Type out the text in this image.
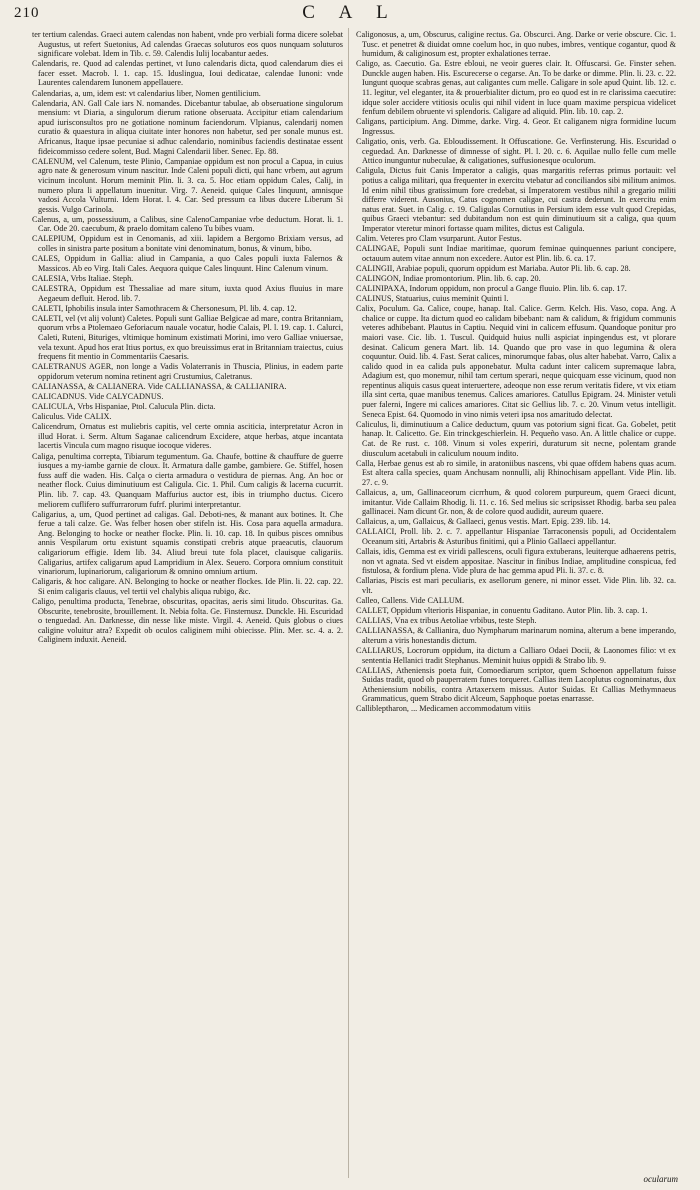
210	C A L
ter tertium calendas. Graeci autem calendas non habent, vnde pro verbiali forma dicere solebat Augustus, ut refert Suetonius, Ad calendas Graecas soluturos eos quos nunquam soluturos significare volebat. Idem in Tib. c. 59. Calendis Iulij locabantur aedes.
Calendaris, re. Quod ad calendas pertinet, vt Iuno calendaris dicta, quod calendarum dies ei facer esset. Macrob. l. 1. cap. 15. Iduslingua, Ioui dedicatae, calendae Iunoni: vnde Laurentes calendarem Iunonem appellauere.
Calendarias, a, um, idem est: vt calendarius liber, Nomen gentilicium.
Calendaria, AN. Gall Cale iars N. nomandes. Dicebantur tabulae, ab obseruatione singulorum mensium: vt Diaria, a singulorum dierum ratione obseruata. Accipitur etiam calendarium apud iurisconsultos pro ne gotiatione nominum faciendorum. Vlpianus, calendarij nomen curatio & quaestura in aliqua ciuitate inter honores non habetur, sed per sonale munus est. Africanus, Itaque ipsae pecuniae si adhuc calendario, nominibus faciendis destinatae essent fideicommisso cedere solent, Bud. Magni Calendarii liber. Senec. Ep. 88.
CALENUM, vel Calenum, teste Plinio, Campaniae oppidum est non procul a Capua, in cuius agro nate & generosum vinum nascitur. Inde Caleni populi dicti, qui hanc vrbem, aut agrum vicinum incolunt. Horum meminit Plin. li. 3. ca. 5. Hoc etiam oppidum Cales, Calij, in numero plura li appellatum inuenitur. Virg. 7. Aeneid. quique Cales linquunt, amnisque vadosi Accola Vulturni. Idem Horat. l. 4. Car. Sed pressum ca libus ducere Liberum Si gessis. Vulgo Carinola.
Calenus, a, um, possessiuum, a Calibus, sine CalenoCampaniae vrbe deductum. Horat. li. 1. Car. Ode 20. caecubum, & praelo domitam caleno Tu bibes vuam.
CALEPIUM, Oppidum est in Cenomanis, ad xiii. lapidem a Bergomo Brixiam versus, ad colles in sinistra parte positum a bonitate vini denominatum, bonus, & vinum, bibo.
CALES, Oppidum in Gallia: aliud in Campania, a quo Cales populi iuxta Falernos & Massicos. Ab eo Virg. Itali Cales. Aequora quique Cales linquunt. Hinc Calenum vinum.
CALESIA, Vrbs Italiae. Steph.
CALESTRA, Oppidum est Thessaliae ad mare situm, iuxta quod Axius fluuius in mare Aegaeum defluit. Herod. lib. 7.
CALETI, Iphobilis insula inter Samothracem & Chersonesum, Pl. lib. 4. cap. 12.
CALETI, vel (vt alij volunt) Caletes. Populi sunt Galliae Belgicae ad mare, contra Britanniam, quorum vrbs a Ptolemaeo Geforiacum nauale vocatur, hodie Calais, Pl. l. 19. cap. 1. Calurci, Caleti, Ruteni, Bituriges, vltimique hominum existimati Morini, imo vero Galliae vniuersae, vela texunt. Apud hos erat Itius portus, ex quo breuissimus erat in Britanniam traiectus, cuius frequens fit mentio in Commentariis Caesaris.
CALETRANUS AGER, non longe a Vadis Volaterranis in Thuscia, Plinius, in eadem parte oppidorum veterum nomina retinent agri Crustumius, Caletranus.
CALIANASSA, & CALIANERA. Vide CALLIANASSA, & CALLIANIRA.
CALICADNUS. Vide CALYCADNUS.
CALICULA, Vrbs Hispaniae, Ptol. Calucula Plin. dicta.
Caliculus. Vide CALIX.
Calicendrum, Ornatus est muliebris capitis, vel certe omnia asciticia, interpretatur Acron in illud Horat. i. Serm. Altum Saganae calicendrum Excidere, atque herbas, atque incantata lacertis Vincula cum magno risuque iocoque videres.
Caliga, penultima correpta, Tibiarum tegumentum. Ga. Chaufe, bottine & chauffure de guerre iusques a my-iambe garnie de cloux. It. Armatura dalle gambe, gambiere. Ge. Stiffel, hosen fuss auff die waden. His. Calça o cierta armadura o vestidura de piernas. Ang. An hoc or neather flock. Cuius diminutiuum est Caligula. Cic. 1. Phil. Cum caligis & lacerna cucurrit. Plin. lib. 7. cap. 43. Quanquam Maffurius auctor est, ibis in triumpho ductus. Cicero meliorem cuflifero suffurrarorum fufrf. plurimi interpretantur.
Caligarius, a, um, Quod pertinet ad caligas. Gal. Deboti-nes, & manant aux botines. It. Che ferue a tali calze. Ge. Was felber hosen ober stifeln ist. His. Cosa para aquella armadura. Ang. Belonging to hocke or neather flocke. Plin. li. 10. cap. 18. In quibus pisces omnibus annis Vespilarum ortu existunt squamis constipati crebris atque praeacutis, clauorum caligariorum effigie. Idem lib. 34. Aliud breui tute fola placet, clauisque caligariis. Caligarius, artifex caligarum apud Lampridium in Alex. Seuero. Corpora omnium constituit vinariorum, lupinariorum, caligariorum & omnino omnium artium.
Caligaris, & hoc caligare. AN. Belonging to hocke or neather flockes. Ide Plin. li. 22. cap. 22. Si enim caligaris clauus, vel tertii vel chalybis aliqua rubigo, &c.
Caligo, penultima producta, Tenebrae, obscuritas, opacitas, aeris simi litudo. Obscuritas. Ga. Obscurite, tenebrosite, brouillement. It. Nebia folta. Ge. Finsternusz. Dunckle. Hi. Escuridad o tenguedad. An. Darknesse, din nesse like miste. Virgil. 4. Aeneid. Quis globus o ciues caligine voluitur atra? Expedit ob oculos caliginem mihi obiecisse. Plin. Mer. sc. 4. a. 2. Caliginem induxit. Aeneid.
Caligonosus, a, um, Obscurus, caligine rectus. Ga. Obscurci. Ang. Darke or verie obscure. Cic. 1. Tusc. et penetret & diuidat omne coelum hoc, in quo nubes, imbres, ventique cogantur, quod & humidum, & caliginosum est, propter exhalationes terrae.
Caligo, as. Caecutio. Ga. Estre ebloui, ne veoir gueres clair. It. Offuscarsi. Ge. Finster sehen. Dunckle augen haben. His. Escurecerse o cegarse. An. To be darke or dimme. Plin. li. 23. c. 22. Iungunt quoque scabras genas, aut caligantes cum melle. Caligare in sole apud Quint. lib. 12. c. 11. legitur, vel eleganter, ita & prouerbialiter dictum, pro eo quod est in re clarissima caecutire: idque soler accidere vtitiosis oculis qui nihil vident in luce quam maxime perspicua videlicet fenfum debilem obruente vi splendoris. Caligare ad aliquid. Plin. lib. 10. cap. 2.
Caligans, participium. Ang. Dimme, darke. Virg. 4. Geor. Et caliganem nigra formidine lucum Ingressus.
Caligatio, onis, verb. Ga. Ebloudissement. It Offuscatione. Ge. Verfinsterung. His. Escuridad o ceguedad. An. Darknesse of dimnesse of sight. Pl. l. 20. c. 6. Aquilae nullo felle cum melle Attico inunguntur nubeculae, & caligationes, suffusionesque oculorum.
Caligula, Dictus fuit Canis Imperator a caligis, quas margaritis referras primus portauit: vel potius a caliga militari, qua frequenter in exercitu vtebatur ad conciliandos sibi militum animos. Id enim nihil tibus gratissimum fore credebat, si Imperatorem vestibus nihil a gregario militi differre viderent. Ausonius, Catus cognomen caligae, cui castra dederunt. In exercitu enim natus erat. Suet. in Calig. c. 19. Caligulas Cornutius in Persium idem esse vult quod Crepidas, quibus Graeci vtebantur: sed dubitandum non est quin diminutiuum sit a caliga, qua quum Imperator vteretur minori fortasse quam milites, dictus est Caligula.
Calim. Veteres pro Clam vsurparunt. Autor Festus.
CALINGAE, Populi sunt Indiae maritimae, quorum feminae quinquennes pariunt concipere, octauum autem vitae annum non excedere. Autor est Plin. lib. 6. ca. 17.
CALINGII, Arabiae populi, quorum oppidum est Mariaba. Autor Pli. lib. 6. cap. 28.
CALINGON, Indiae promontorium. Plin. lib. 6. cap. 20.
CALINIPAXA, Indorum oppidum, non procul a Gange fluuio. Plin. lib. 6. cap. 17.
CALINUS, Statuarius, cuius meminit Quinti l.
Calix, Poculum. Ga. Calice, coupe, hanap. Ital. Calice. Germ. Kelch. His. Vaso, copa. Ang. A chalice or cuppe. Ita dictum quod eo calidam bibebant: nam & calidum, & frigidum communis veteres adhibebant. Plautus in Captiu. Nequid vini in calicem effusum. Quandoque ponitur pro maiori vase. Cic. lib. 1. Tuscul. Quidquid huius nulli aspiciat inpingendus est, vt plorare desinat. Calicum genera Mart. lib. 14. Quando que pro vase in quo legumina & olera coquuntur. Ouid. lib. 4. Fast. Serat calices, minorumque fabas, olus alter habebat. Varro, Calix a calido quod in ea calida puls apponebatur. Multa cadunt inter calicem supremaque labra, Adagium est, quo monemur, nihil tam certum sperari, neque quicquam esse vicinum, quod non repentinus aliquis casus queat interuertere, adeoque non esse rerum veritatis fidere, vt vix etiam illa sint certa, quae manibus tenemus. Calices amariores. Catullus Epigram. 24. Minister vetuli puer falerni, Ingere mi calices amariores. Citat sic Gellius lib. 7. c. 20. Vinum vetus intelligit. Seneca Epist. 64. Quomodo in vino nimis veteri ipsa nos amaritudo delectat.
Caliculus, li, diminutiuum a Calice deductum, quum vas potorium signi ficat. Ga. Gobelet, petit hanap. It. Calicetto. Ge. Ein trinckgeschierlein. H. Pequeño vaso. An. A little chalice or cuppe. Cat. de Re rust. c. 108. Vinum si voles experiri, duraturum sit necne, polentam grande diusculum acetabuli in caliculum nouum indito.
Calla, Herbae genus est ab ro simile, in aratoniibus nascens, vbi quae offdem habens quas acum. Est altera calla species, quam Anchusam nonnulli, alij Rhinochisam appellant. Vide Plin. lib. 27. c. 9.
Callaicus, a, um, Gallinaceorum cicrrhum, & quod colorem purpureum, quem Graeci dicunt, imitantur. Vide Callaim Rhodig. li. 11. c. 16. Sed melius sic scripsisset Rhodig. barba seu palea gallinacei. Nam dicunt Gr. non, & de colore quod audidit, aureum quaere.
Callaicus, a, um, Gallaicus, & Gallaeci, genus vestis. Mart. Epig. 239. lib. 14.
CALLAICI, Proll. lib. 2. c. 7. appellantur Hispaniae Tarraconensis populi, ad Occidentalem Oceanum siti, Artabris & Asturibus finitimi, qui a Plinio Gallaeci appellantur.
Callais, idis, Gemma est ex viridi pallescens, oculi figura extuberans, leuiterque adhaerens petris, non vt agnata. Sed vt eisdem appositae. Nascitur in finibus Indiae, amplitudine conspicua, fed fistulosa, & fordium plena. Vide plura de hac gemma apud Pli. li. 37. c. 8.
Callarias, Piscis est mari peculiaris, ex asellorum genere, ni minor esset. Vide Plin. lib. 32. ca. vlt.
Calleo, Callens. Vide CALLUM.
CALLET, Oppidum vlterioris Hispaniae, in conuentu Gaditano. Autor Plin. lib. 3. cap. 1.
CALLIAS, Vna ex tribus Aetoliae vrbibus, teste Steph.
CALLIANASSA, & Callianira, duo Nympharum marinarum nomina, alterum a bene imperando, alterum a viris honestandis dictum.
CALLIARUS, Locrorum oppidum, ita dictum a Calliaro Odaei Docii, & Laonomes filio: vt ex sententia Hellanici tradit Stephanus. Meminit huius oppidi & Strabo lib. 9.
CALLIAS, Atheniensis poeta fuit, Comoediarum scriptor, quem Schoenon appellatum fuisse Suidas tradit, quod ob pauperratem funes torqueret. Callias item Lacoplutus cognominatus, dux Atheniensium nobilis, contra Artaxerxem missus. Autor Suidas. Et Callias Methymnaeus Grammaticus, quem Strabo dicit Alceum, Sapphoque poetas enarrasse.
Callibleptharon, ... Medicamen accommodatum vitiis
ocularum
